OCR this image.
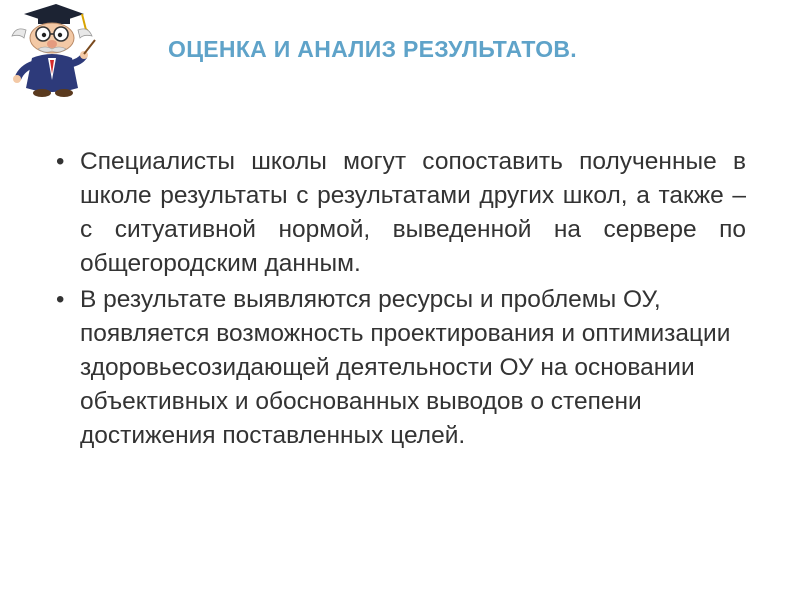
ОЦЕНКА И АНАЛИЗ РЕЗУЛЬТАТОВ.
• Специалисты школы могут сопоставить полученные в школе результаты с результатами других школ, а также – с ситуативной нормой, выведенной на сервере по общегородским данным.
• В результате выявляются ресурсы и проблемы ОУ, появляется возможность проектирования и оптимизации здоровьесозидающей деятельности ОУ на основании объективных и обоснованных выводов о степени достижения поставленных целей.
